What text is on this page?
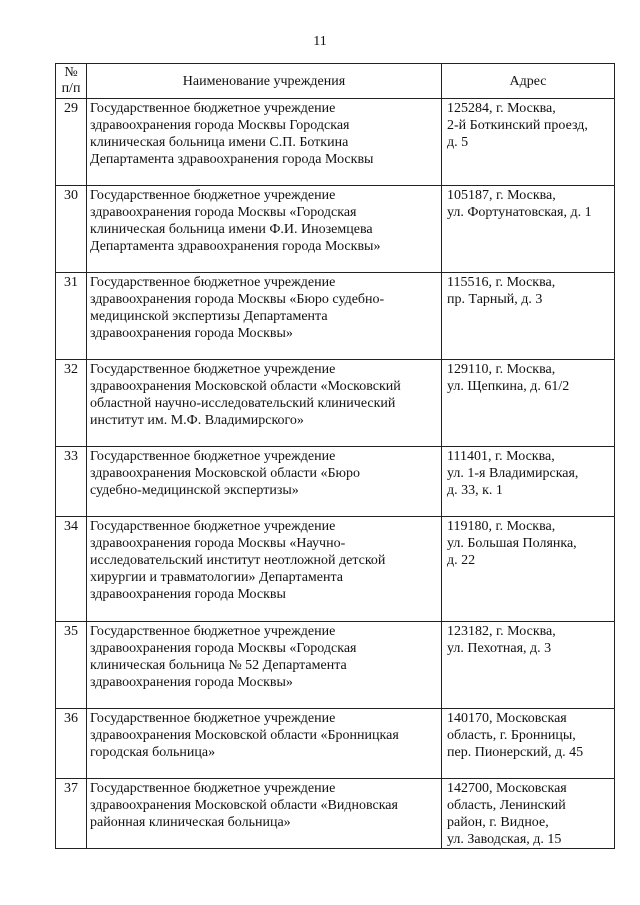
11
№
п/п	Наименование учреждения	Адрес
29	Государственное бюджетное учреждение
здравоохранения города Москвы Городская
клиническая больница имени С.П. Боткина
Департамента здравоохранения города Москвы	125284, г. Москва,
2-й Боткинский проезд,
д. 5

30	Государственное бюджетное учреждение
здравоохранения города Москвы «Городская
клиническая больница имени Ф.И. Иноземцева
Департамента здравоохранения города Москвы»	105187, г. Москва,
ул. Фортунатовская, д. 1

31	Государственное бюджетное учреждение
здравоохранения города Москвы «Бюро судебно-
медицинской экспертизы Департамента
здравоохранения города Москвы»	115516, г. Москва,
пр. Тарный, д. 3

32	Государственное бюджетное учреждение
здравоохранения Московской области «Московский
областной научно-исследовательский клинический
институт им. М.Ф. Владимирского»	129110, г. Москва,
ул. Щепкина, д. 61/2

33	Государственное бюджетное учреждение
здравоохранения Московской области «Бюро
судебно-медицинской экспертизы»	111401, г. Москва,
ул. 1-я Владимирская,
д. 33, к. 1

34	Государственное бюджетное учреждение
здравоохранения города Москвы «Научно-
исследовательский институт неотложной детской
хирургии и травматологии» Департамента
здравоохранения города Москвы	119180, г. Москва,
ул. Большая Полянка,
д. 22

35	Государственное бюджетное учреждение
здравоохранения города Москвы «Городская
клиническая больница № 52 Департамента
здравоохранения города Москвы»	123182, г. Москва,
ул. Пехотная, д. 3

36	Государственное бюджетное учреждение
здравоохранения Московской области «Бронницкая
городская больница»	140170, Московская
область, г. Бронницы,
пер. Пионерский, д. 45

37	Государственное бюджетное учреждение
здравоохранения Московской области «Видновская
районная клиническая больница»	142700, Московская
область, Ленинский
район, г. Видное,
ул. Заводская, д. 15
